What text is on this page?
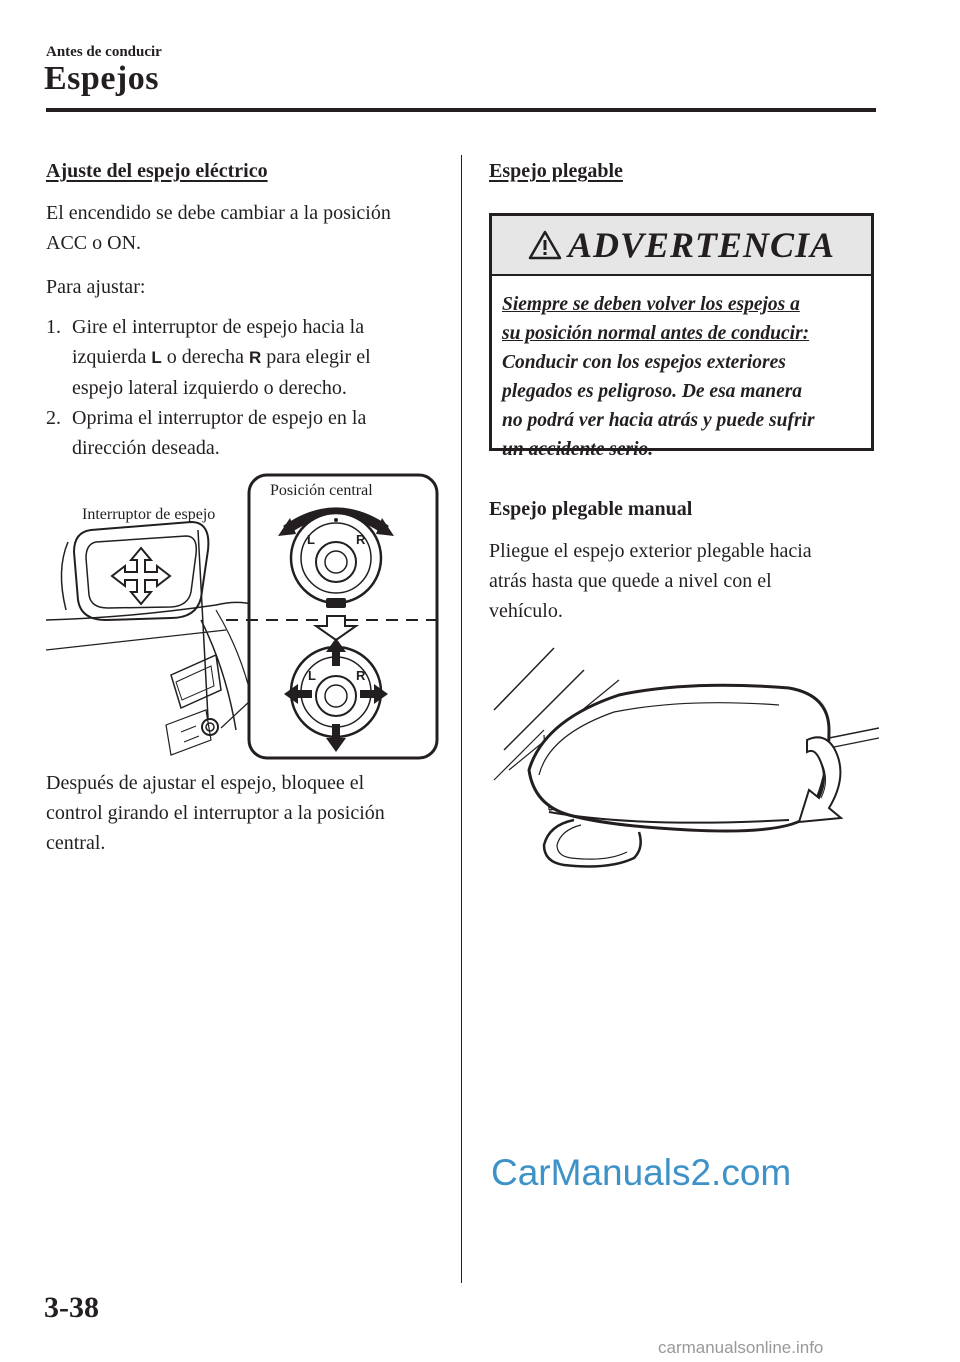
Antes de conducir
Espejos
Ajuste del espejo eléctrico
El encendido se debe cambiar a la posición
ACC o ON.
Para ajustar:
1. Gire el interruptor de espejo hacia la
izquierda L o derecha R para elegir el
espejo lateral izquierdo o derecho.
2. Oprima el interruptor de espejo en la
dirección deseada.
L	R
L	R
Interruptor de espejo
Posición central
Después de ajustar el espejo, bloquee el
control girando el interruptor a la posición
central.
Espejo plegable
ADVERTENCIA
Siempre se deben volver los espejos a
su posición normal antes de conducir:
Conducir con los espejos exteriores
plegados es peligroso. De esa manera
no podrá ver hacia atrás y puede sufrir
un accidente serio.
Espejo plegable manual
Pliegue el espejo exterior plegable hacia
atrás hasta que quede a nivel con el
vehículo.
3-38
CarManuals2.com
carmanualsonline.info
